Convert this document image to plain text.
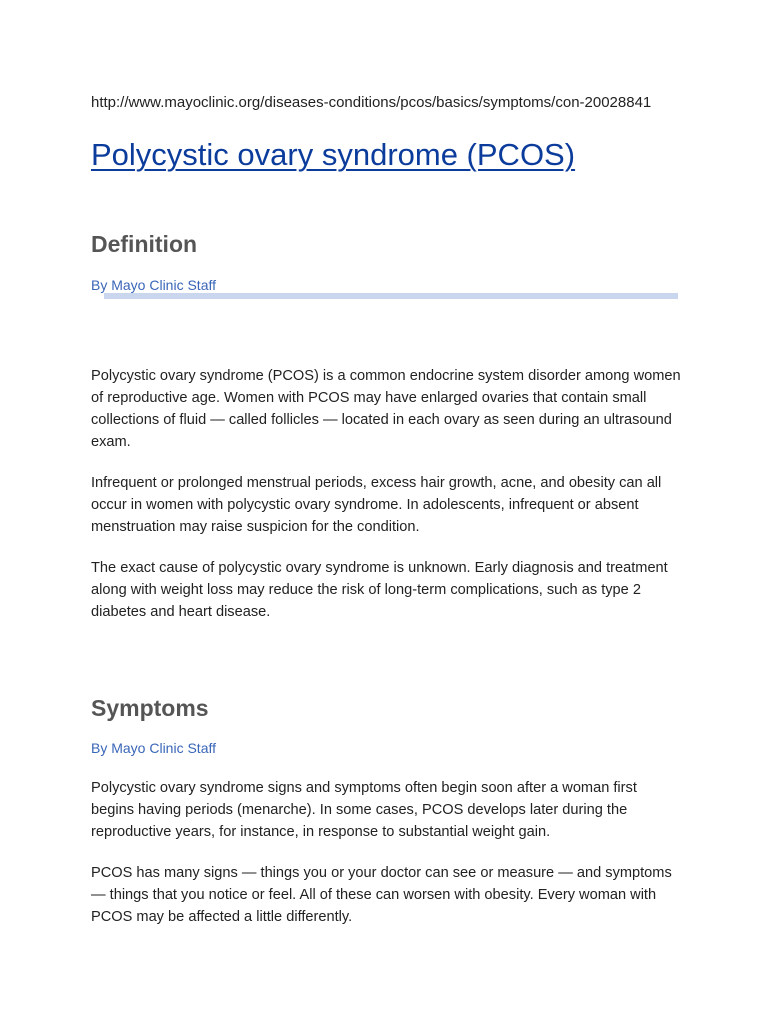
http://www.mayoclinic.org/diseases-conditions/pcos/basics/symptoms/con-20028841
Polycystic ovary syndrome (PCOS)
Definition
By Mayo Clinic Staff

Polycystic ovary syndrome (PCOS) is a common endocrine system disorder among women of reproductive age. Women with PCOS may have enlarged ovaries that contain small collections of fluid — called follicles — located in each ovary as seen during an ultrasound exam.

Infrequent or prolonged menstrual periods, excess hair growth, acne, and obesity can all occur in women with polycystic ovary syndrome. In adolescents, infrequent or absent menstruation may raise suspicion for the condition.

The exact cause of polycystic ovary syndrome is unknown. Early diagnosis and treatment along with weight loss may reduce the risk of long-term complications, such as type 2 diabetes and heart disease.

Symptoms
By Mayo Clinic Staff

Polycystic ovary syndrome signs and symptoms often begin soon after a woman first begins having periods (menarche). In some cases, PCOS develops later during the reproductive years, for instance, in response to substantial weight gain.

PCOS has many signs — things you or your doctor can see or measure — and symptoms — things that you notice or feel. All of these can worsen with obesity. Every woman with PCOS may be affected a little differently.
